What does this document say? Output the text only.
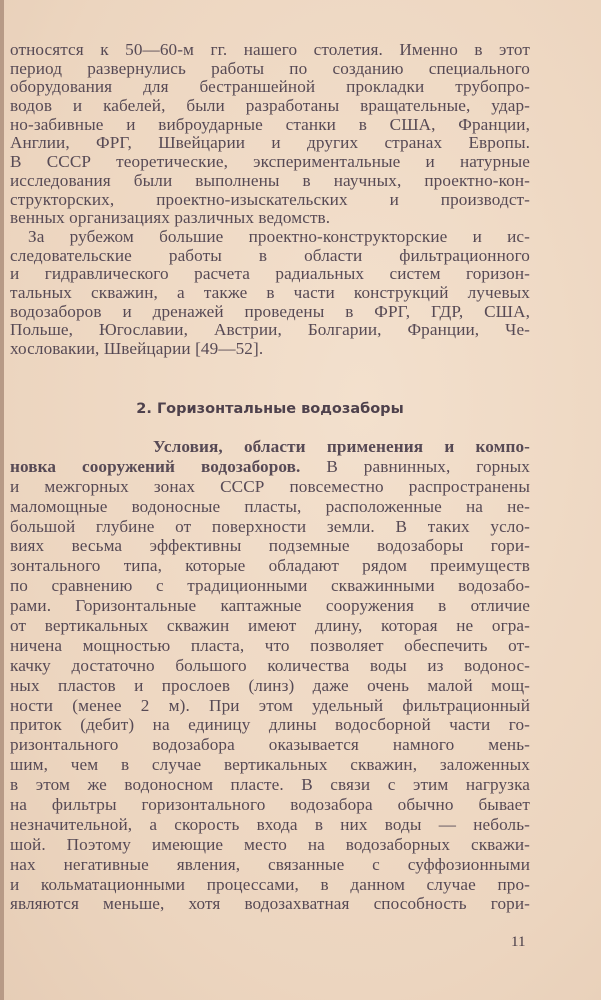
относятся к 50—60-м гг. нашего столетия. Именно в этот
период развернулись работы по созданию специального
оборудования для бестраншейной прокладки трубопро-
водов и кабелей, были разработаны вращательные, удар-
но-забивные и виброударные станки в США, Франции,
Англии, ФРГ, Швейцарии и других странах Европы.
В СССР теоретические, экспериментальные и натурные
исследования были выполнены в научных, проектно-кон-
структорских, проектно-изыскательских и производст-
венных организациях различных ведомств.
За рубежом большие проектно-конструкторские и ис-
следовательские работы в области фильтрационного
и гидравлического расчета радиальных систем горизон-
тальных скважин, а также в части конструкций лучевых
водозаборов и дренажей проведены в ФРГ, ГДР, США,
Польше, Югославии, Австрии, Болгарии, Франции, Че-
хословакии, Швейцарии [49—52].
2. Горизонтальные водозаборы
Условия, области применения и компо-
новка сооружений водозаборов. В равнинных, горных
и межгорных зонах СССР повсеместно распространены
маломощные водоносные пласты, расположенные на не-
большой глубине от поверхности земли. В таких усло-
виях весьма эффективны подземные водозаборы гори-
зонтального типа, которые обладают рядом преимуществ
по сравнению с традиционными скважинными водозабо-
рами. Горизонтальные каптажные сооружения в отличие
от вертикальных скважин имеют длину, которая не огра-
ничена мощностью пласта, что позволяет обеспечить от-
качку достаточно большого количества воды из водонос-
ных пластов и прослоев (линз) даже очень малой мощ-
ности (менее 2 м). При этом удельный фильтрационный
приток (дебит) на единицу длины водосборной части го-
ризонтального водозабора оказывается намного мень-
шим, чем в случае вертикальных скважин, заложенных
в этом же водоносном пласте. В связи с этим нагрузка
на фильтры горизонтального водозабора обычно бывает
незначительной, а скорость входа в них воды — неболь-
шой. Поэтому имеющие место на водозаборных скважи-
нах негативные явления, связанные с суффозионными
и кольматационными процессами, в данном случае про-
являются меньше, хотя водозахватная способность гори-
11
